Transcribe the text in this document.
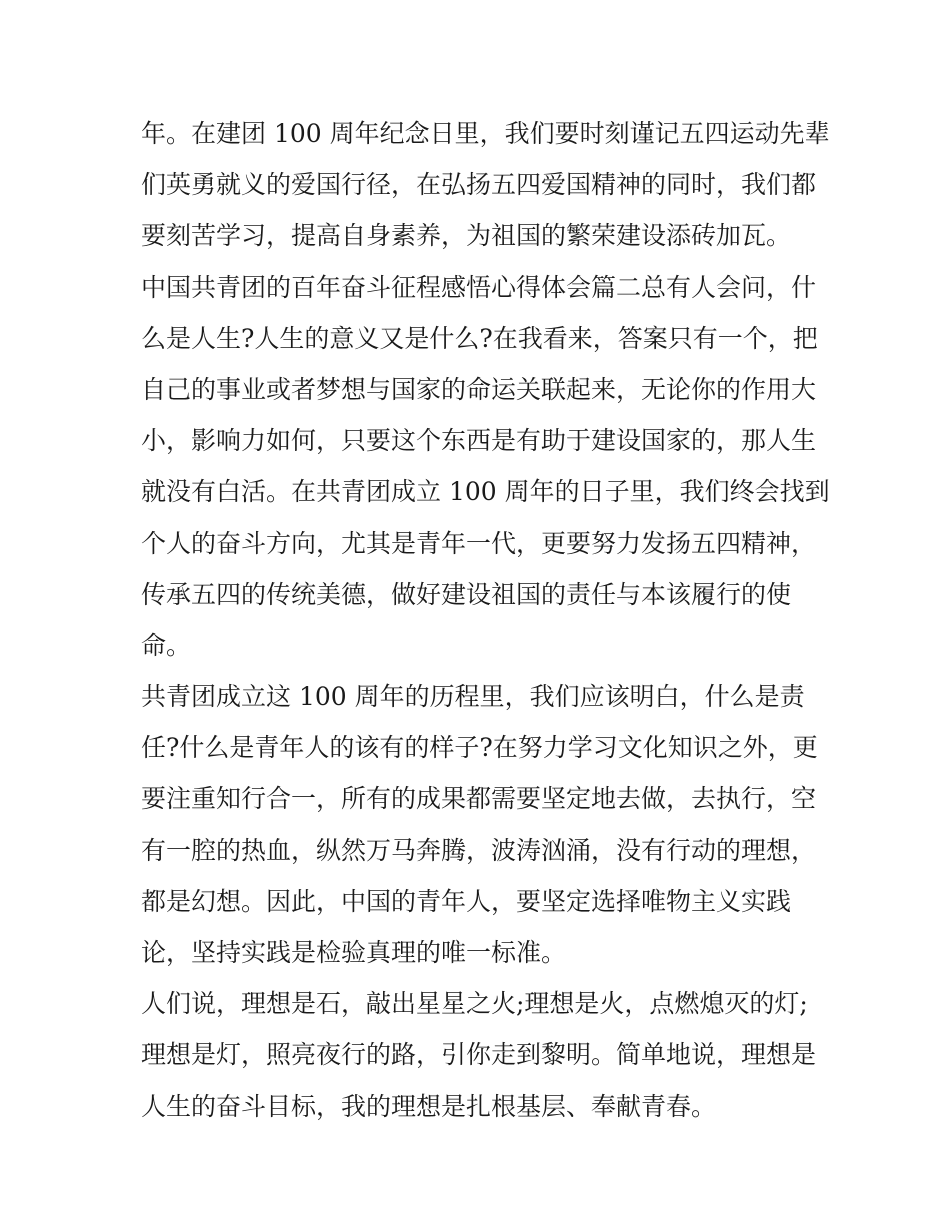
年。在建团 100 周年纪念日里，我们要时刻谨记五四运动先辈
们英勇就义的爱国行径，在弘扬五四爱国精神的同时，我们都
要刻苦学习，提高自身素养，为祖国的繁荣建设添砖加瓦。
中国共青团的百年奋斗征程感悟心得体会篇二总有人会问，什
么是人生?人生的意义又是什么?在我看来，答案只有一个，把
自己的事业或者梦想与国家的命运关联起来，无论你的作用大
小，影响力如何，只要这个东西是有助于建设国家的，那人生
就没有白活。在共青团成立 100 周年的日子里，我们终会找到
个人的奋斗方向，尤其是青年一代，更要努力发扬五四精神，
传承五四的传统美德，做好建设祖国的责任与本该履行的使
命。
共青团成立这 100 周年的历程里，我们应该明白，什么是责
任?什么是青年人的该有的样子?在努力学习文化知识之外，更
要注重知行合一，所有的成果都需要坚定地去做，去执行，空
有一腔的热血，纵然万马奔腾，波涛汹涌，没有行动的理想，
都是幻想。因此，中国的青年人，要坚定选择唯物主义实践
论，坚持实践是检验真理的唯一标准。
人们说，理想是石，敲出星星之火;理想是火，点燃熄灭的灯;
理想是灯，照亮夜行的路，引你走到黎明。简单地说，理想是
人生的奋斗目标，我的理想是扎根基层、奉献青春。
